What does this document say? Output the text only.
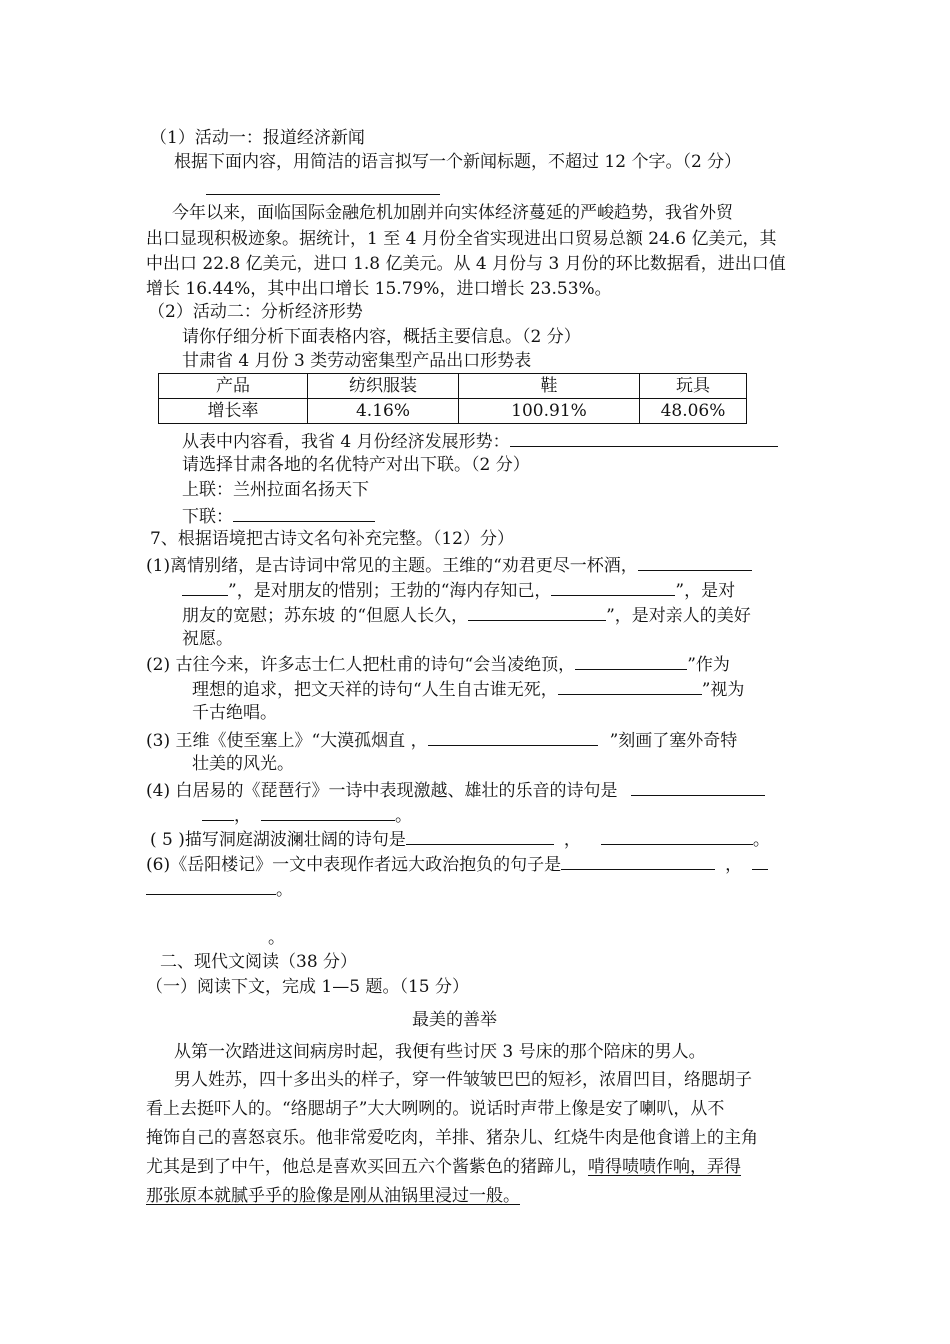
（1）活动一：报道经济新闻
根据下面内容，用简洁的语言拟写一个新闻标题，不超过 12 个字。（2 分）
今年以来，面临国际金融危机加剧并向实体经济蔓延的严峻趋势，我省外贸
出口显现积极迹象。据统计，1 至 4 月份全省实现进出口贸易总额 24.6 亿美元，其
中出口 22.8 亿美元，进口 1.8 亿美元。从 4 月份与 3 月份的环比数据看，进出口值
增长 16.44%，其中出口增长 15.79%，进口增长 23.53%。
（2）活动二：分析经济形势
请你仔细分析下面表格内容，概括主要信息。（2 分）
甘肃省 4 月份 3 类劳动密集型产品出口形势表
产品	纺织服装	鞋	玩具
增长率	4.16%	100.91%	48.06%
从表中内容看，我省 4 月份经济发展形势：
请选择甘肃各地的名优特产对出下联。（2 分）
上联：兰州拉面名扬天下
下联：
7、根据语境把古诗文名句补充完整。（12）分）
(1)离情别绪，是古诗词中常见的主题。王维的“劝君更尽一杯酒，
”，是对朋友的惜别；王勃的“海内存知己，	”，是对
朋友的宽慰；苏东坡 的“但愿人长久，	”，是对亲人的美好
祝愿。
(2) 古往今来，许多志士仁人把杜甫的诗句“会当凌绝顶，	”作为
理想的追求，把文天祥的诗句“人生自古谁无死，	”视为
千古绝唱。
(3) 王维《使至塞上》“大漠孤烟直 ，	”刻画了塞外奇特
壮美的风光。
(4) 白居易的《琵琶行》一诗中表现激越、雄壮的乐音的诗句是
，	。
( 5 )描写洞庭湖波澜壮阔的诗句是	，	。
(6)《岳阳楼记》一文中表现作者远大政治抱负的句子是	，
。
。
二、现代文阅读（38 分）
（一）阅读下文，完成 1—5 题。（15 分）
最美的善举
从第一次踏进这间病房时起，我便有些讨厌 3 号床的那个陪床的男人。
男人姓苏，四十多出头的样子，穿一件皱皱巴巴的短衫，浓眉凹目，络腮胡子
看上去挺吓人的。“络腮胡子”大大咧咧的。说话时声带上像是安了喇叭，从不
掩饰自己的喜怒哀乐。他非常爱吃肉，羊排、猪杂儿、红烧牛肉是他食谱上的主角
尤其是到了中午，他总是喜欢买回五六个酱紫色的猪蹄儿，啃得啧啧作响，弄得
那张原本就腻乎乎的脸像是刚从油锅里浸过一般。
